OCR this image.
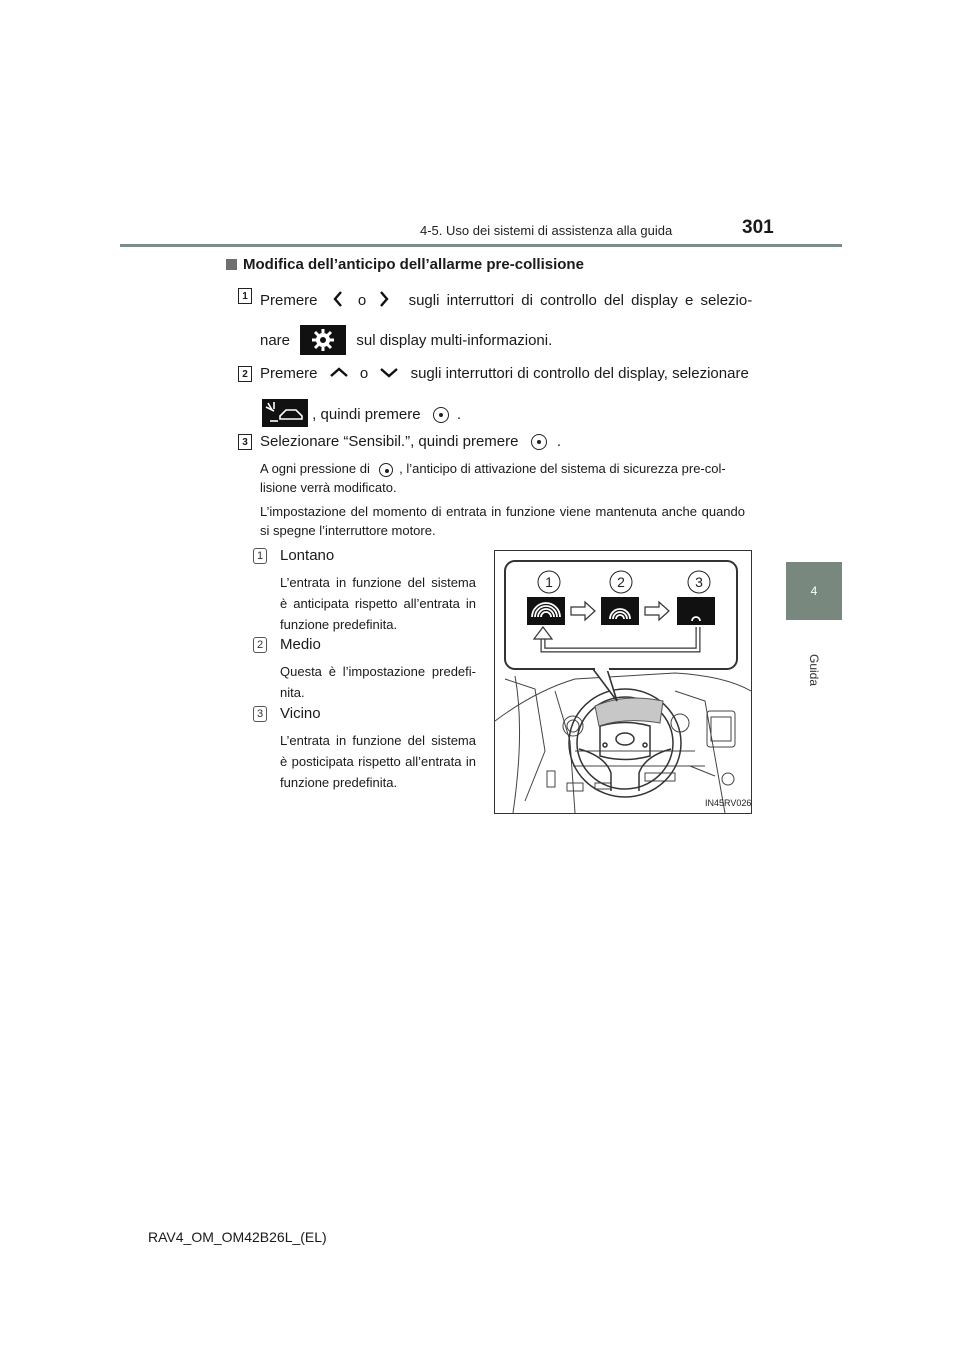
4-5. Uso dei sistemi di assistenza alla guida	301
4
Guida
Modifica dell’anticipo dell’allarme pre-collisione
1 Premere	o	sugli interruttori di controllo del display e selezio-
nare	sul display multi-informazioni.
2 Premere	o	sugli interruttori di controllo del display, selezionare
, quindi premere .
3 Selezionare “Sensibil.”, quindi premere	.
A ogni pressione di , l’anticipo di attivazione del sistema di sicurezza pre-col-
lisione verrà modificato.
L’impostazione del momento di entrata in funzione viene mantenuta anche quando si spegne l’interruttore motore.
1 Lontano
L’entrata in funzione del sistema è anticipata rispetto all’entrata in funzione predefinita.
2 Medio
Questa è l’impostazione predefi-nita.
3 Vicino
L’entrata in funzione del sistema è posticipata rispetto all’entrata in funzione predefinita.
1	2	3
IN45RV026
RAV4_OM_OM42B26L_(EL)
